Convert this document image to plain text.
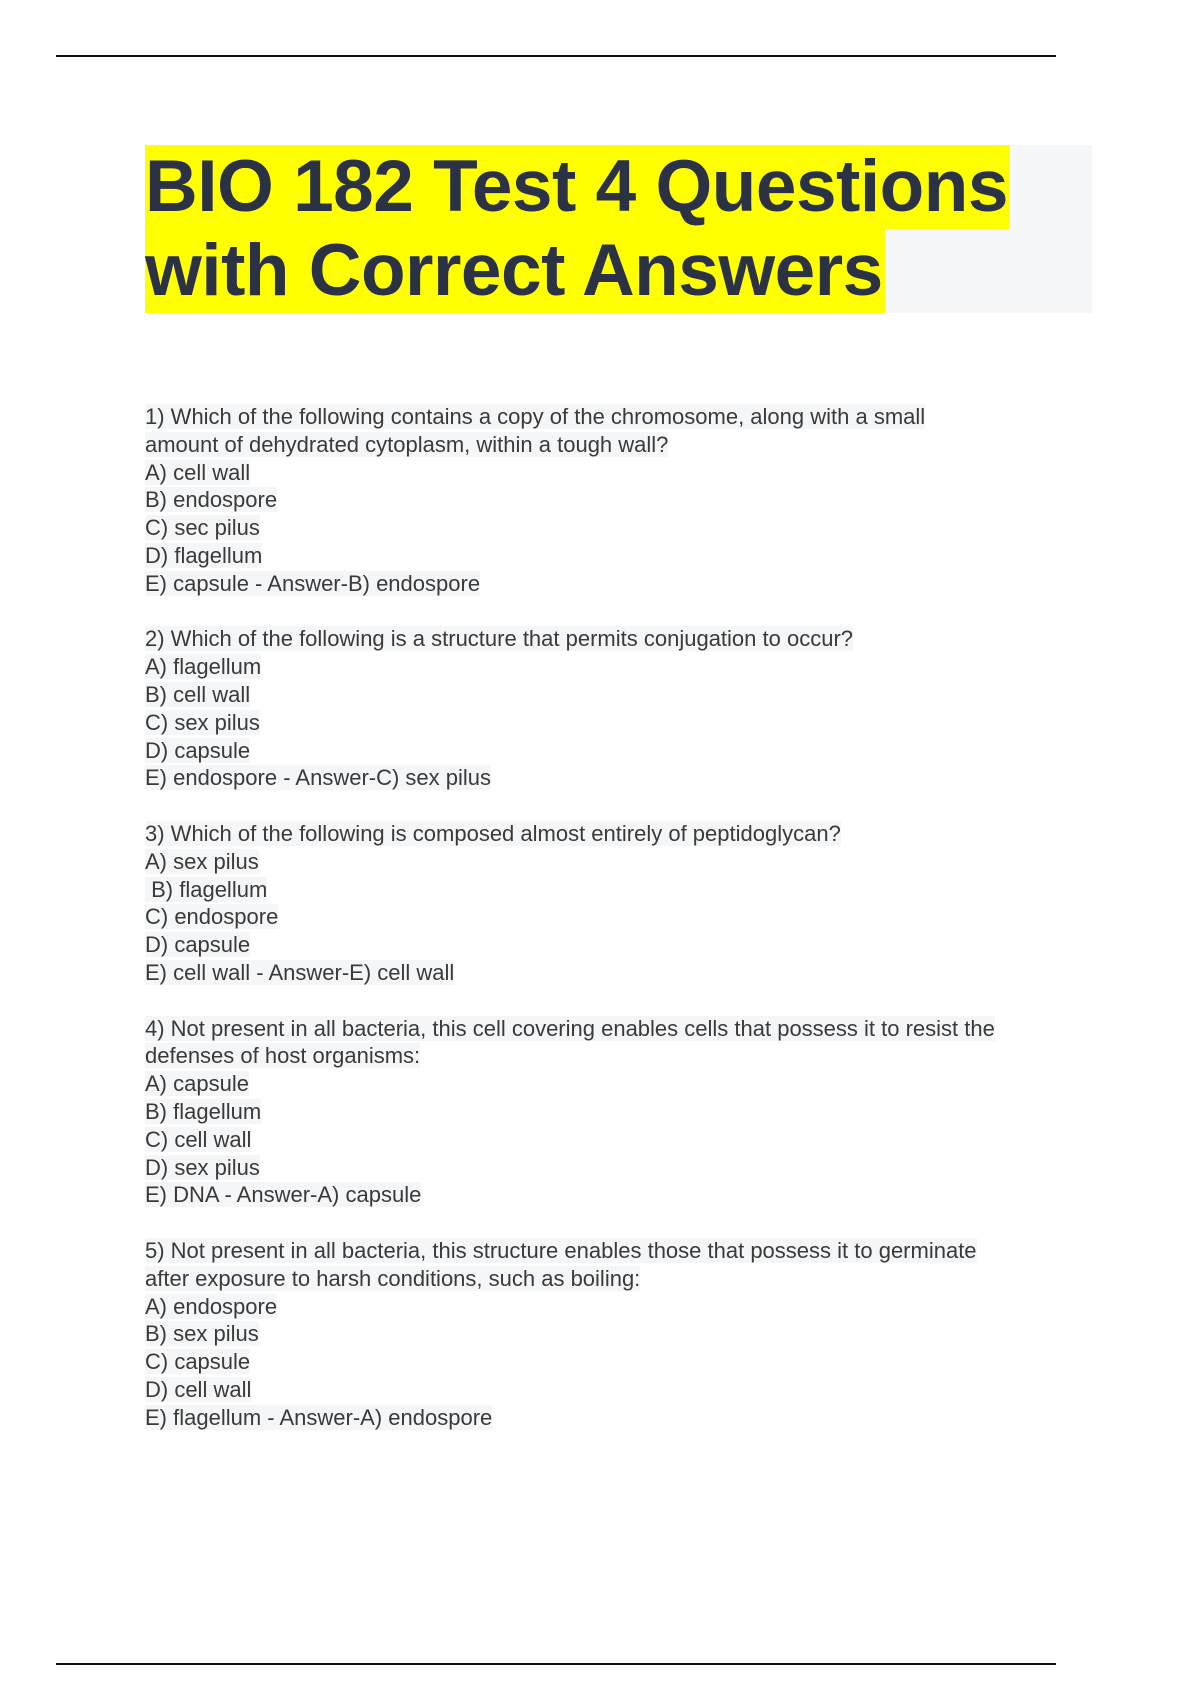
BIO 182 Test 4 Questions
with Correct Answers
1) Which of the following contains a copy of the chromosome, along with a small
amount of dehydrated cytoplasm, within a tough wall?
A) cell wall
B) endospore
C) sec pilus
D) flagellum
E) capsule - Answer-B) endospore
2) Which of the following is a structure that permits conjugation to occur?
A) flagellum
B) cell wall
C) sex pilus
D) capsule
E) endospore - Answer-C) sex pilus
3) Which of the following is composed almost entirely of peptidoglycan?
A) sex pilus
B) flagellum
C) endospore
D) capsule
E) cell wall - Answer-E) cell wall
4) Not present in all bacteria, this cell covering enables cells that possess it to resist the
defenses of host organisms:
A) capsule
B) flagellum
C) cell wall
D) sex pilus
E) DNA - Answer-A) capsule
5) Not present in all bacteria, this structure enables those that possess it to germinate
after exposure to harsh conditions, such as boiling:
A) endospore
B) sex pilus
C) capsule
D) cell wall
E) flagellum - Answer-A) endospore
